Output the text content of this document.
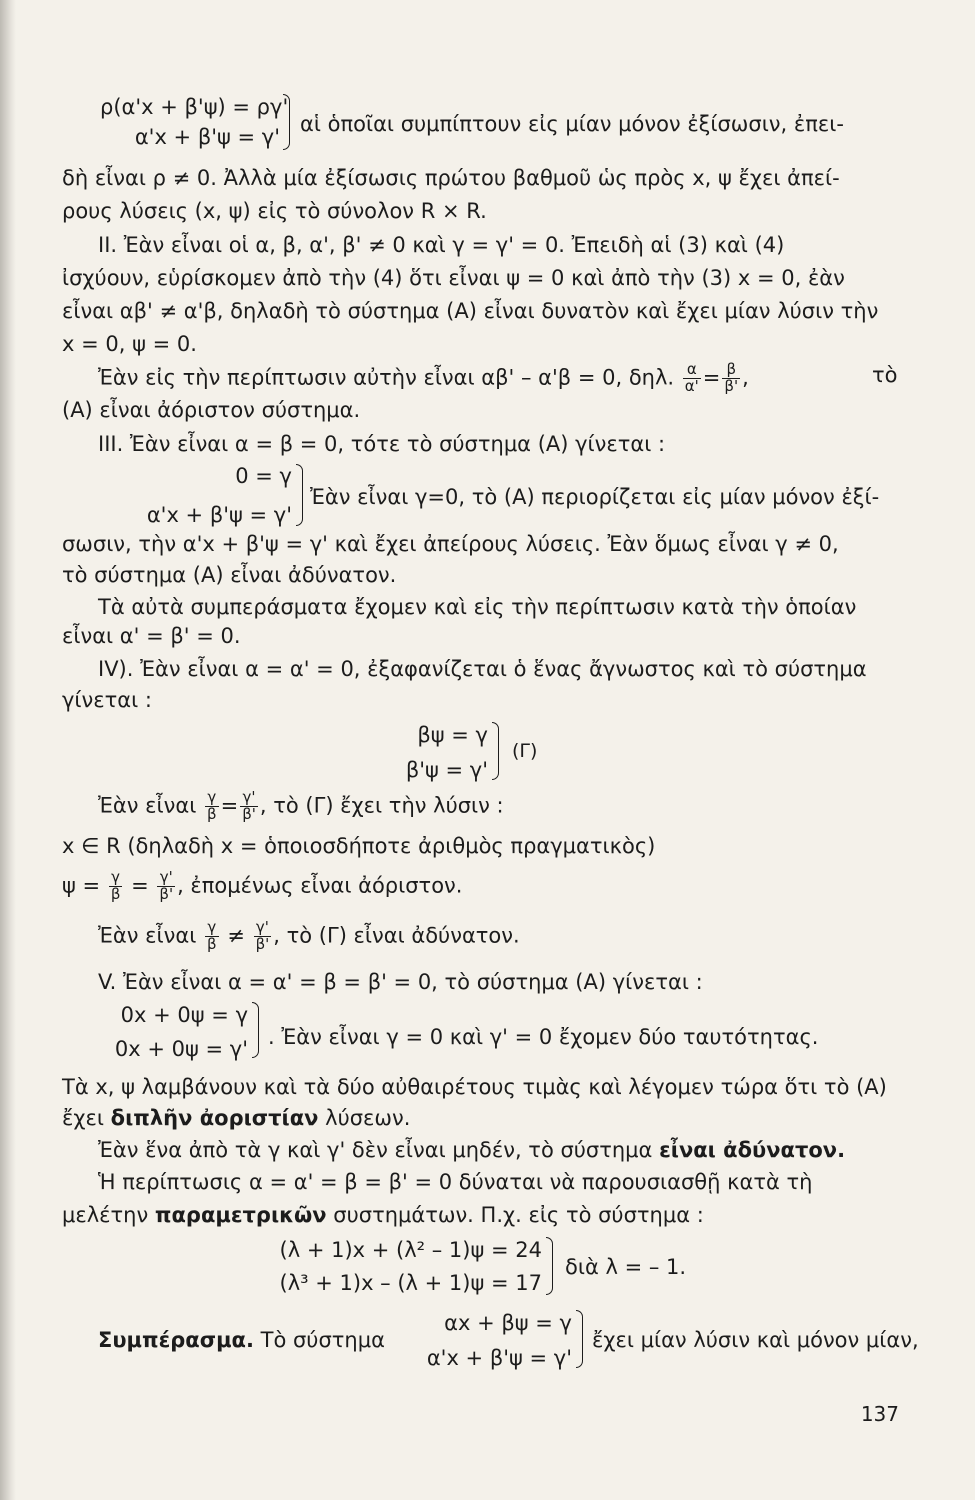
ρ(α'x + β'ψ) = ργ'
α'x + β'ψ = γ'
αἱ ὁποῖαι συμπίπτουν εἰς μίαν μόνον ἐξίσωσιν, ἐπει-
δὴ εἶναι ρ ≠ 0. Ἀλλὰ μία ἐξίσωσις πρώτου βαθμοῦ ὡς πρὸς x, ψ ἔχει ἀπεί-
ρους λύσεις (x, ψ) εἰς τὸ σύνολον R × R.
II. Ἐὰν εἶναι οἱ α, β, α', β' ≠ 0 καὶ γ = γ' = 0. Ἐπειδὴ αἱ (3) καὶ (4)
ἰσχύουν, εὑρίσκομεν ἀπὸ τὴν (4) ὅτι εἶναι ψ = 0 καὶ ἀπὸ τὴν (3) x = 0, ἐὰν
εἶναι αβ' ≠ α'β, δηλαδὴ τὸ σύστημα (Α) εἶναι δυνατὸν καὶ ἔχει μίαν λύσιν τὴν
x = 0, ψ = 0.
Ἐὰν εἰς τὴν περίπτωσιν αὐτὴν εἶναι αβ' – α'β = 0, δηλ. $\frac{\alpha}{\alpha'} = \frac{\beta}{\beta'}$ ,	τὸ
(Α) εἶναι ἀόριστον σύστημα.
III. Ἐὰν εἶναι α = β = 0, τότε τὸ σύστημα (Α) γίνεται :
0 = γ
α'x + β'ψ = γ'
Ἐὰν εἶναι γ=0, τὸ (Α) περιορίζεται εἰς μίαν μόνον ἐξί-
σωσιν, τὴν α'x + β'ψ = γ' καὶ ἔχει ἀπείρους λύσεις. Ἐὰν ὅμως εἶναι γ ≠ 0,
τὸ σύστημα (Α) εἶναι ἀδύνατον.
Τὰ αὐτὰ συμπεράσματα ἔχομεν καὶ εἰς τὴν περίπτωσιν κατὰ τὴν ὁποίαν
εἶναι α' = β' = 0.
IV). Ἐὰν εἶναι α = α' = 0, ἐξαφανίζεται ὁ ἕνας ἄγνωστος καὶ τὸ σύστημα
γίνεται :
βψ = γ
β'ψ = γ'
(Γ)
Ἐὰν εἶναι $\frac{\gamma}{\beta} = \frac{\gamma'}{\beta'}$ , τὸ (Γ) ἔχει τὴν λύσιν :
x ∈ R (δηλαδὴ x = ὁποιοσδήποτε ἀριθμὸς πραγματικὸς)
$\psi = \frac{\gamma}{\beta} = \frac{\gamma'}{\beta'}$ , ἐπομένως εἶναι ἀόριστον.
Ἐὰν εἶναι $\frac{\gamma}{\beta} \ne \frac{\gamma'}{\beta'}$ , τὸ (Γ) εἶναι ἀδύνατον.
V. Ἐὰν εἶναι α = α' = β = β' = 0, τὸ σύστημα (Α) γίνεται :
0x + 0ψ = γ
0x + 0ψ = γ' . Ἐὰν εἶναι γ = 0 καὶ γ' = 0 ἔχομεν δύο ταυτότητας.
Τὰ x, ψ λαμβάνουν καὶ τὰ δύο αὐθαιρέτους τιμὰς καὶ λέγομεν τώρα ὅτι τὸ (Α)
ἔχει διπλῆν ἀοριστίαν λύσεων.
Ἐὰν ἕνα ἀπὸ τὰ γ καὶ γ' δὲν εἶναι μηδέν, τὸ σύστημα εἶναι ἀδύνατον.
Ἡ περίπτωσις α = α' = β = β' = 0 δύναται νὰ παρουσιασθῇ κατὰ τὴ
μελέτην παραμετρικῶν συστημάτων. Π.χ. εἰς τὸ σύστημα :
(λ + 1)x + (λ² – 1)ψ = 24
(λ³ + 1)x – (λ + 1)ψ = 17
διὰ λ = – 1.
αx + βψ = γ
α'x + β'ψ = γ'
Συμπέρασμα. Τὸ σύστημα	ἔχει μίαν λύσιν καὶ μόνον μίαν,
137
